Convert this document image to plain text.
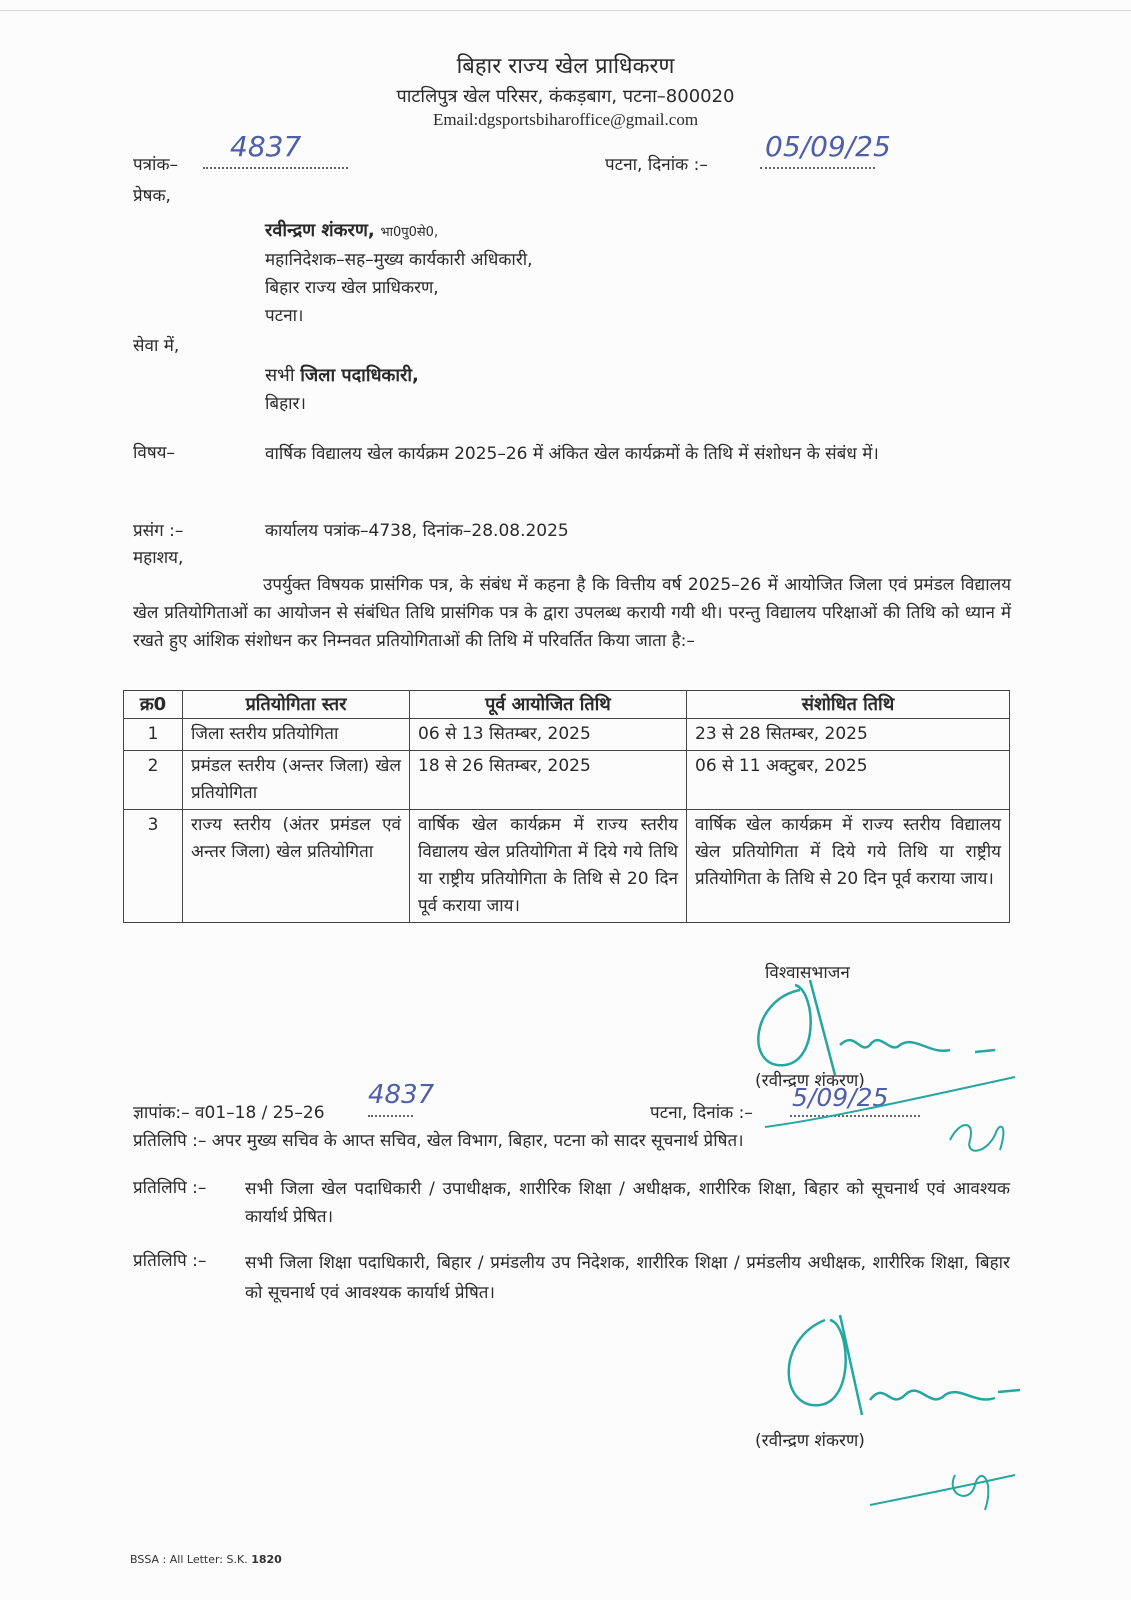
बिहार राज्य खेल प्राधिकरण
पाटलिपुत्र खेल परिसर, कंकड़बाग, पटना–800020
Email:dgsportsbiharoffice@gmail.com
पत्रांक–
4837
पटना, दिनांक :–
05/09/25
प्रेषक,
रवीन्द्रण शंकरण, भा0पु0से0,
महानिदेशक–सह–मुख्य कार्यकारी अधिकारी,
बिहार राज्य खेल प्राधिकरण,
पटना।
सेवा में,
सभी जिला पदाधिकारी,
बिहार।
विषय–	वार्षिक विद्यालय खेल कार्यक्रम 2025–26 में अंकित खेल कार्यक्रमों के तिथि में संशोधन के संबंध में।
प्रसंग :–	कार्यालय पत्रांक–4738, दिनांक–28.08.2025
महाशय,
उपर्युक्त विषयक प्रासंगिक पत्र, के संबंध में कहना है कि वित्तीय वर्ष 2025–26 में आयोजित जिला एवं प्रमंडल विद्यालय खेल प्रतियोगिताओं का आयोजन से संबंधित तिथि प्रासंगिक पत्र के द्वारा उपलब्ध करायी गयी थी। परन्तु विद्यालय परिक्षाओं की तिथि को ध्यान में रखते हुए आंशिक संशोधन कर निम्नवत प्रतियोगिताओं की तिथि में परिवर्तित किया जाता है:–
क्र0	प्रतियोगिता स्तर	पूर्व आयोजित तिथि	संशोधित तिथि
1	जिला स्तरीय प्रतियोगिता	06 से 13 सितम्बर, 2025	23 से 28 सितम्बर, 2025
2	प्रमंडल स्तरीय (अन्तर जिला) खेल प्रतियोगिता	18 से 26 सितम्बर, 2025	06 से 11 अक्टुबर, 2025
3	राज्य स्तरीय (अंतर प्रमंडल एवं अन्तर जिला) खेल प्रतियोगिता	वार्षिक खेल कार्यक्रम में राज्य स्तरीय विद्यालय खेल प्रतियोगिता में दिये गये तिथि या राष्ट्रीय प्रतियोगिता के तिथि से 20 दिन पूर्व कराया जाय।	वार्षिक खेल कार्यक्रम में राज्य स्तरीय विद्यालय खेल प्रतियोगिता में दिये गये तिथि या राष्ट्रीय प्रतियोगिता के तिथि से 20 दिन पूर्व कराया जाय।
विश्वासभाजन
(रवीन्द्रण शंकरण)
ज्ञापांक:– व01–18 / 25–26
4837
पटना, दिनांक :–
5/09/25
प्रतिलिपि :– अपर मुख्य सचिव के आप्त सचिव, खेल विभाग, बिहार, पटना को सादर सूचनार्थ प्रेषित।
प्रतिलिपि :– सभी जिला खेल पदाधिकारी / उपाधीक्षक, शारीरिक शिक्षा / अधीक्षक, शारीरिक शिक्षा, बिहार को सूचनार्थ एवं आवश्यक कार्यार्थ प्रेषित।
प्रतिलिपि :– सभी जिला शिक्षा पदाधिकारी, बिहार / प्रमंडलीय उप निदेशक, शारीरिक शिक्षा / प्रमंडलीय अधीक्षक, शारीरिक शिक्षा, बिहार को सूचनार्थ एवं आवश्यक कार्यार्थ प्रेषित।
(रवीन्द्रण शंकरण)
BSSA : All Letter: S.K. 1820
